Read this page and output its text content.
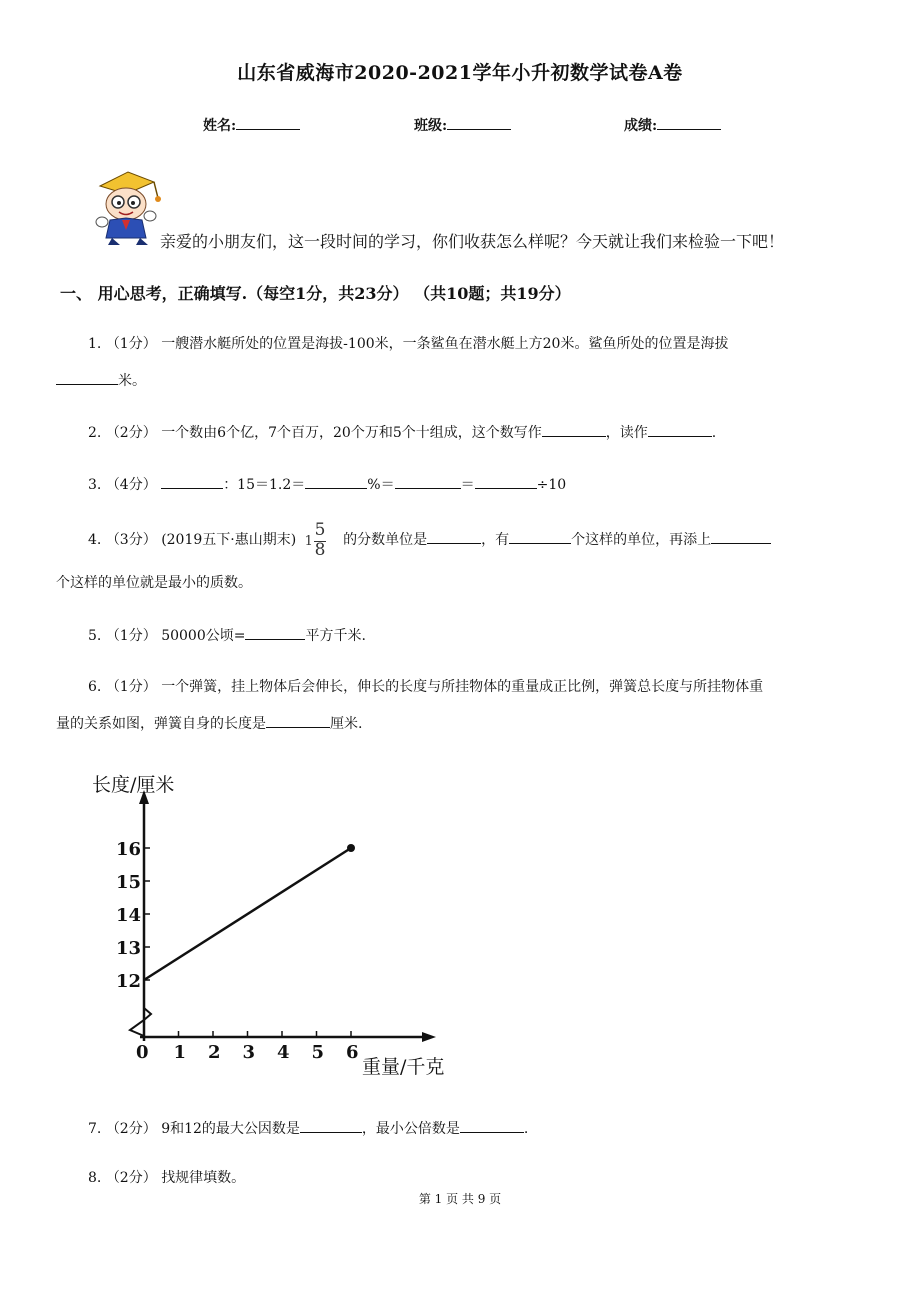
山东省威海市2020-2021学年小升初数学试卷A卷
姓名:	班级:	成绩:
亲爱的小朋友们，这一段时间的学习，你们收获怎么样呢？今天就让我们来检验一下吧！
一、 用心思考，正确填写.（每空1分，共23分） （共10题；共19分）
1. （1分） 一艘潜水艇所处的位置是海拔-100米，一条鲨鱼在潜水艇上方20米。鲨鱼所处的位置是海拔
米。
2. （2分） 一个数由6个亿，7个百万，20个万和5个十组成，这个数写作	，读作	.
3. （4分）	：15＝1.2＝	%＝	＝	÷10
4. （3分） (2019五下·惠山期末) 1
5
8 的分数单位是	，有	个这样的单位，再添上
个这样的单位就是最小的质数。
5. （1分） 50000公顷=	平方千米.
6. （1分） 一个弹簧，挂上物体后会伸长，伸长的长度与所挂物体的重量成正比例，弹簧总长度与所挂物体重
量的关系如图，弹簧自身的长度是	厘米.
长度/厘米
重量/千克
0 1 2 3 4 5 6
12
13
14
15
16
7. （2分） 9和12的最大公因数是	，最小公倍数是	.
8. （2分） 找规律填数。
第 1 页 共 9 页
